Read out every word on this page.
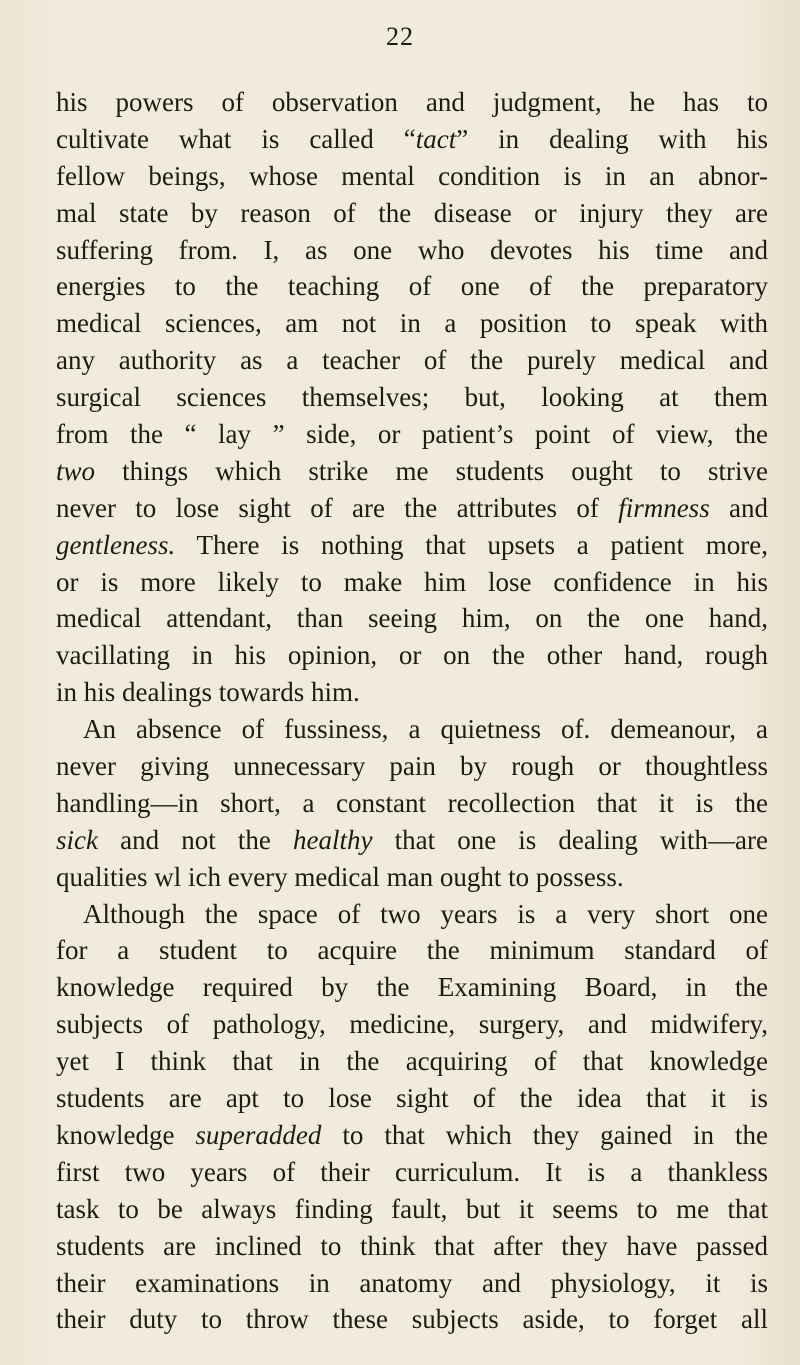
22
his powers of observation and judgment, he has to
cultivate what is called “tact” in dealing with his
fellow beings, whose mental condition is in an abnor-
mal state by reason of the disease or injury they are
suffering from. I, as one who devotes his time and
energies to the teaching of one of the preparatory
medical sciences, am not in a position to speak with
any authority as a teacher of the purely medical and
surgical sciences themselves; but, looking at them
from the “ lay ” side, or patient’s point of view, the
two things which strike me students ought to strive
never to lose sight of are the attributes of firmness and
gentleness. There is nothing that upsets a patient more,
or is more likely to make him lose confidence in his
medical attendant, than seeing him, on the one hand,
vacillating in his opinion, or on the other hand, rough
in his dealings towards him.
An absence of fussiness, a quietness of. demeanour, a
never giving unnecessary pain by rough or thoughtless
handling—in short, a constant recollection that it is the
sick and not the healthy that one is dealing with—are
qualities wl ich every medical man ought to possess.
Although the space of two years is a very short one
for a student to acquire the minimum standard of
knowledge required by the Examining Board, in the
subjects of pathology, medicine, surgery, and midwifery,
yet I think that in the acquiring of that knowledge
students are apt to lose sight of the idea that it is
knowledge superadded to that which they gained in the
first two years of their curriculum. It is a thankless
task to be always finding fault, but it seems to me that
students are inclined to think that after they have passed
their examinations in anatomy and physiology, it is
their duty to throw these subjects aside, to forget all
